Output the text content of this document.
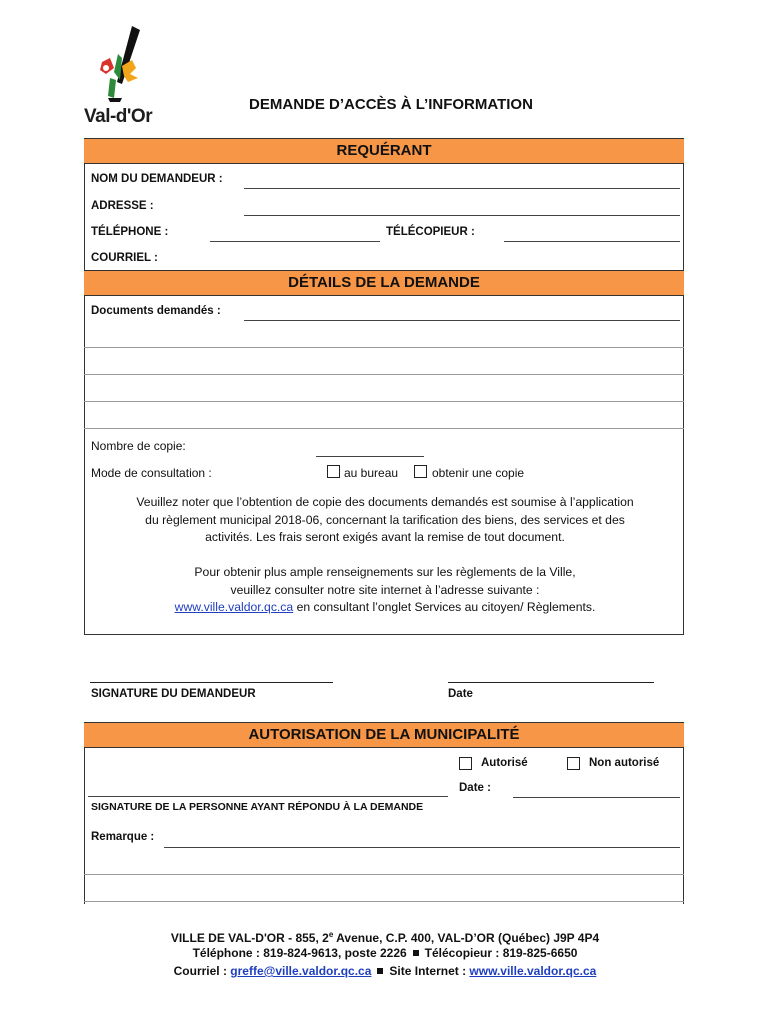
Val-d'Or
DEMANDE D’ACCÈS À L’INFORMATION
REQUÉRANT
NOM DU DEMANDEUR :
ADRESSE :
TÉLÉPHONE :	TÉLÉCOPIEUR :
COURRIEL :
DÉTAILS DE LA DEMANDE
Documents demandés :
Nombre de copie:
Mode de consultation :	au bureau	obtenir une copie
Veuillez noter que l’obtention de copie des documents demandés est soumise à l’application
du règlement municipal 2018-06, concernant la tarification des biens, des services et des
activités. Les frais seront exigés avant la remise de tout document.
Pour obtenir plus ample renseignements sur les règlements de la Ville,
veuillez consulter notre site internet à l’adresse suivante :
www.ville.valdor.qc.ca en consultant l’onglet Services au citoyen/ Règlements.
SIGNATURE DU DEMANDEUR	Date
AUTORISATION DE LA MUNICIPALITÉ
Autorisé	Non autorisé
Date :
SIGNATURE DE LA PERSONNE AYANT RÉPONDU À LA DEMANDE
Remarque :
VILLE DE VAL-D'OR - 855, 2e Avenue, C.P. 400, VAL-D’OR (Québec) J9P 4P4
Téléphone : 819-824-9613, poste 2226 Télécopieur : 819-825-6650
Courriel : greffe@ville.valdor.qc.ca Site Internet : www.ville.valdor.qc.ca
